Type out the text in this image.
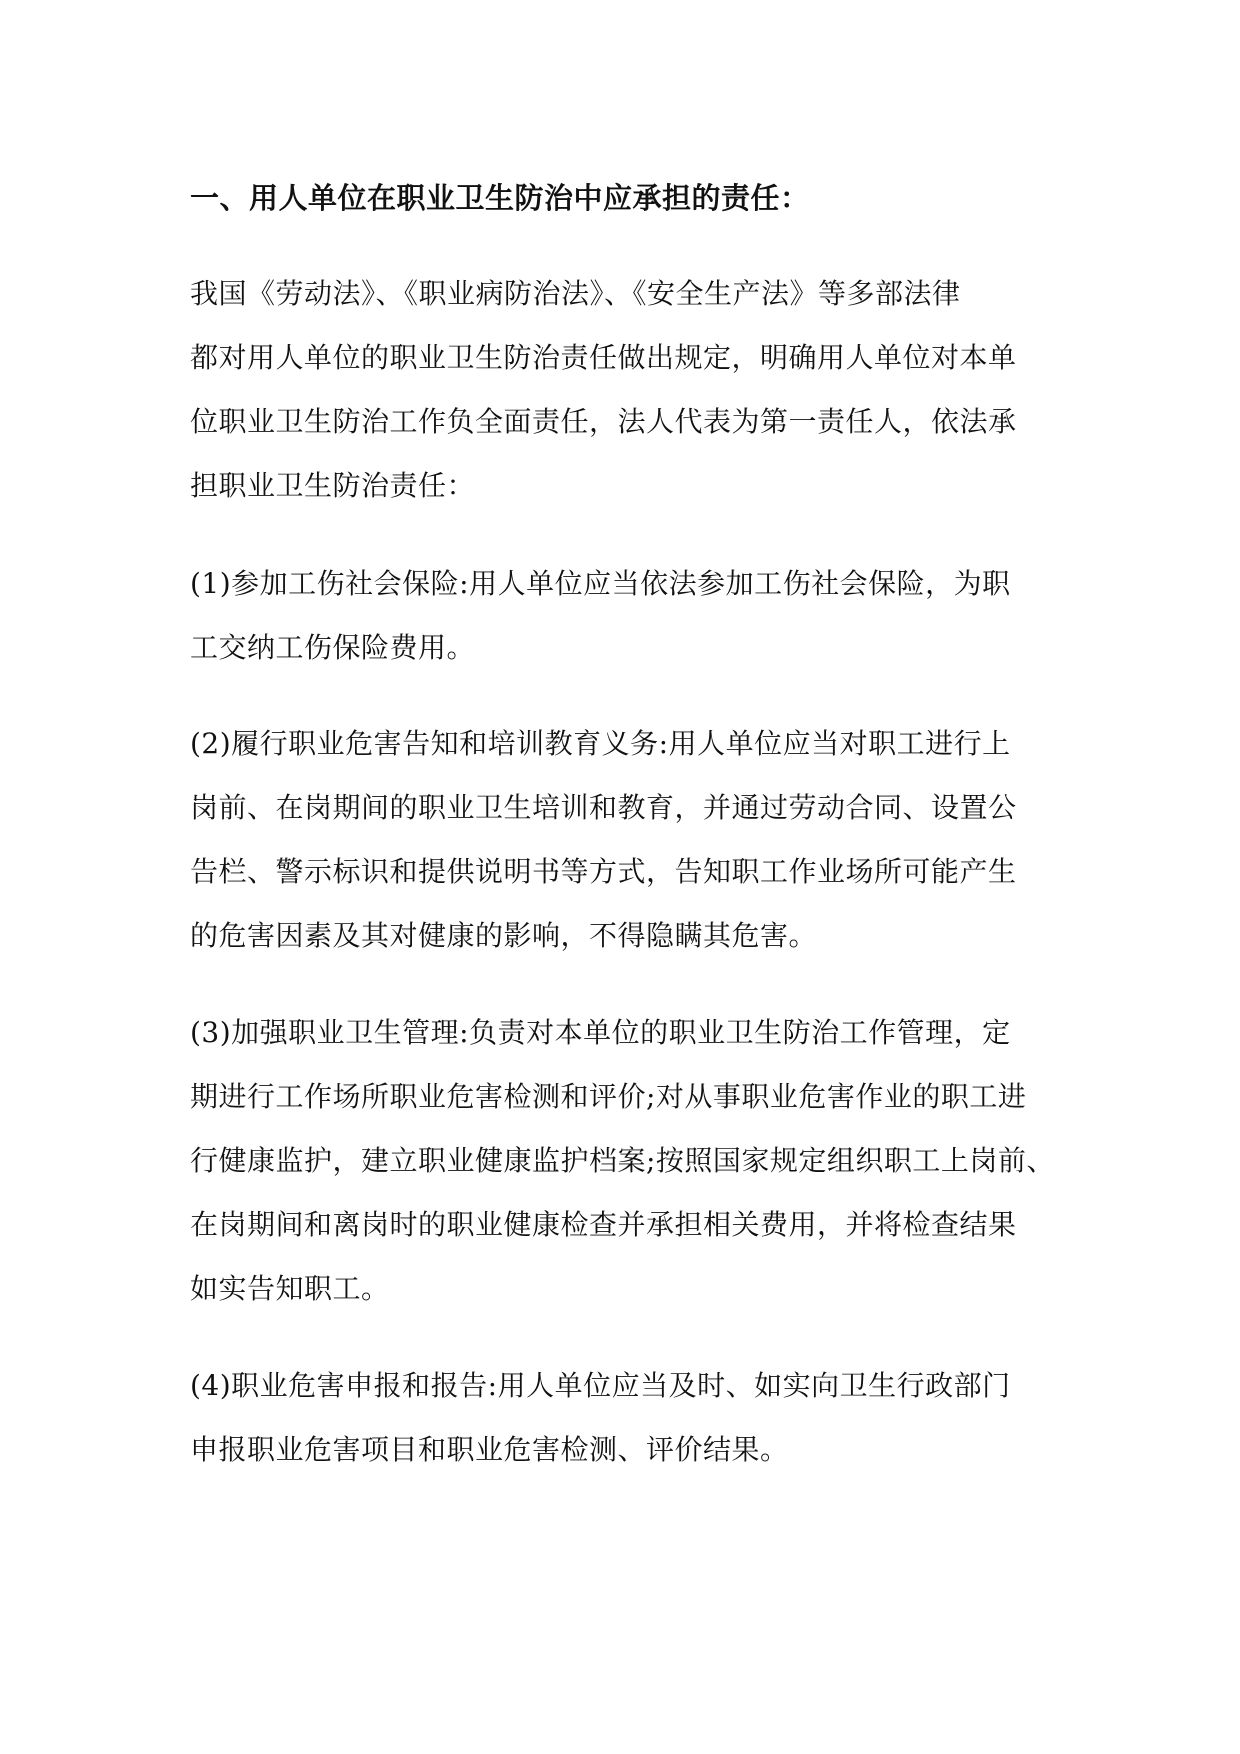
一、用人单位在职业卫生防治中应承担的责任：
我国《劳动法》、《职业病防治法》、《安全生产法》等多部法律
都对用人单位的职业卫生防治责任做出规定，明确用人单位对本单
位职业卫生防治工作负全面责任，法人代表为第一责任人，依法承
担职业卫生防治责任：
(1)参加工伤社会保险:用人单位应当依法参加工伤社会保险，为职
工交纳工伤保险费用。
(2)履行职业危害告知和培训教育义务:用人单位应当对职工进行上
岗前、在岗期间的职业卫生培训和教育，并通过劳动合同、设置公
告栏、警示标识和提供说明书等方式，告知职工作业场所可能产生
的危害因素及其对健康的影响，不得隐瞒其危害。
(3)加强职业卫生管理:负责对本单位的职业卫生防治工作管理，定
期进行工作场所职业危害检测和评价;对从事职业危害作业的职工进
行健康监护，建立职业健康监护档案;按照国家规定组织职工上岗前、
在岗期间和离岗时的职业健康检查并承担相关费用，并将检查结果
如实告知职工。
(4)职业危害申报和报告:用人单位应当及时、如实向卫生行政部门
申报职业危害项目和职业危害检测、评价结果。
